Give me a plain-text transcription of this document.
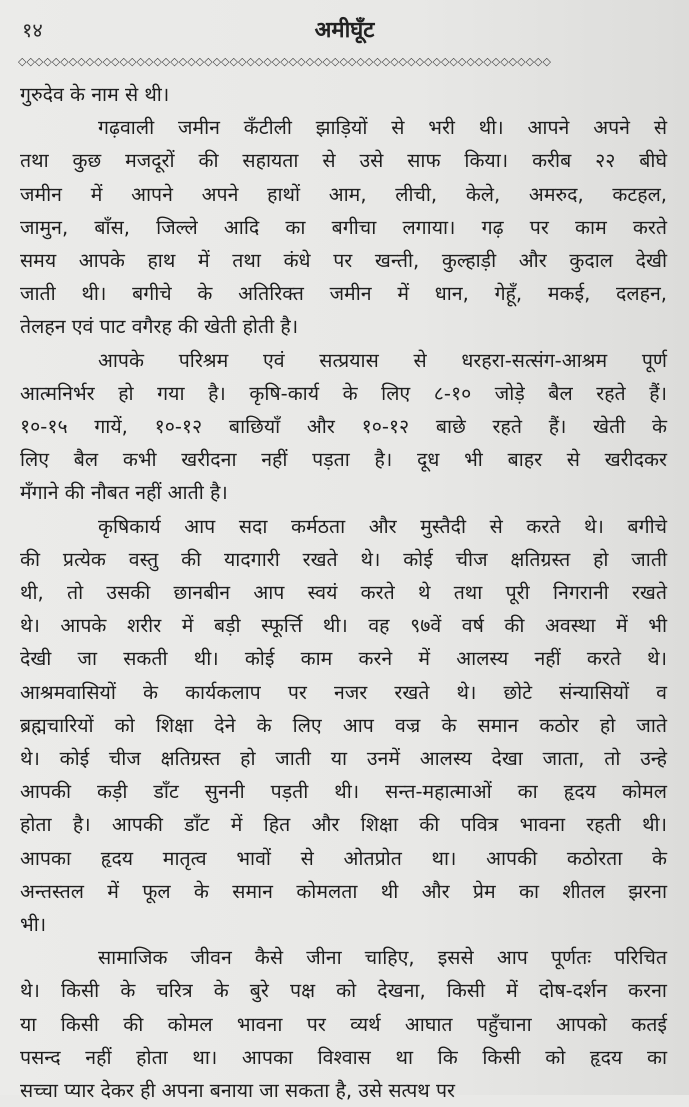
१४	अमीघूँट
◇◇◇◇◇◇◇◇◇◇◇◇◇◇◇◇◇◇◇◇◇◇◇◇◇◇◇◇◇◇◇◇◇◇◇◇◇◇◇◇◇◇◇◇◇◇◇◇◇◇◇◇◇◇◇◇◇◇◇◇◇◇◇
गुरुदेव के नाम से थी।
गढ़वाली जमीन कँटीली झाड़ियों से भरी थी। आपने अपने से
तथा कुछ मजदूरों की सहायता से उसे साफ किया। करीब २२ बीघे
जमीन में आपने अपने हाथों आम, लीची, केले, अमरुद, कटहल,
जामुन, बाँस, जिल्ले आदि का बगीचा लगाया। गढ़ पर काम करते
समय आपके हाथ में तथा कंधे पर खन्ती, कुल्हाड़ी और कुदाल देखी
जाती थी। बगीचे के अतिरिक्त जमीन में धान, गेहूँ, मकई, दलहन,
तेलहन एवं पाट वगैरह की खेती होती है।
आपके परिश्रम एवं सत्प्रयास से धरहरा-सत्संग-आश्रम पूर्ण
आत्मनिर्भर हो गया है। कृषि-कार्य के लिए ८-१० जोड़े बैल रहते हैं।
१०-१५ गायें, १०-१२ बाछियाँ और १०-१२ बाछे रहते हैं। खेती के
लिए बैल कभी खरीदना नहीं पड़ता है। दूध भी बाहर से खरीदकर
मँगाने की नौबत नहीं आती है।
कृषिकार्य आप सदा कर्मठता और मुस्तैदी से करते थे। बगीचे
की प्रत्येक वस्तु की यादगारी रखते थे। कोई चीज क्षतिग्रस्त हो जाती
थी, तो उसकी छानबीन आप स्वयं करते थे तथा पूरी निगरानी रखते
थे। आपके शरीर में बड़ी स्फूर्त्ति थी। वह ९७वें वर्ष की अवस्था में भी
देखी जा सकती थी। कोई काम करने में आलस्य नहीं करते थे।
आश्रमवासियों के कार्यकलाप पर नजर रखते थे। छोटे संन्यासियों व
ब्रह्मचारियों को शिक्षा देने के लिए आप वज्र के समान कठोर हो जाते
थे। कोई चीज क्षतिग्रस्त हो जाती या उनमें आलस्य देखा जाता, तो उन्हे
आपकी कड़ी डाँट सुननी पड़ती थी। सन्त-महात्माओं का हृदय कोमल
होता है। आपकी डाँट में हित और शिक्षा की पवित्र भावना रहती थी।
आपका हृदय मातृत्व भावों से ओतप्रोत था। आपकी कठोरता के
अन्तस्तल में फूल के समान कोमलता थी और प्रेम का शीतल झरना
भी।
सामाजिक जीवन कैसे जीना चाहिए, इससे आप पूर्णतः परिचित
थे। किसी के चरित्र के बुरे पक्ष को देखना, किसी में दोष-दर्शन करना
या किसी की कोमल भावना पर व्यर्थ आघात पहुँचाना आपको कतई
पसन्द नहीं होता था। आपका विश्वास था कि किसी को हृदय का
सच्चा प्यार देकर ही अपना बनाया जा सकता है, उसे सत्पथ पर
